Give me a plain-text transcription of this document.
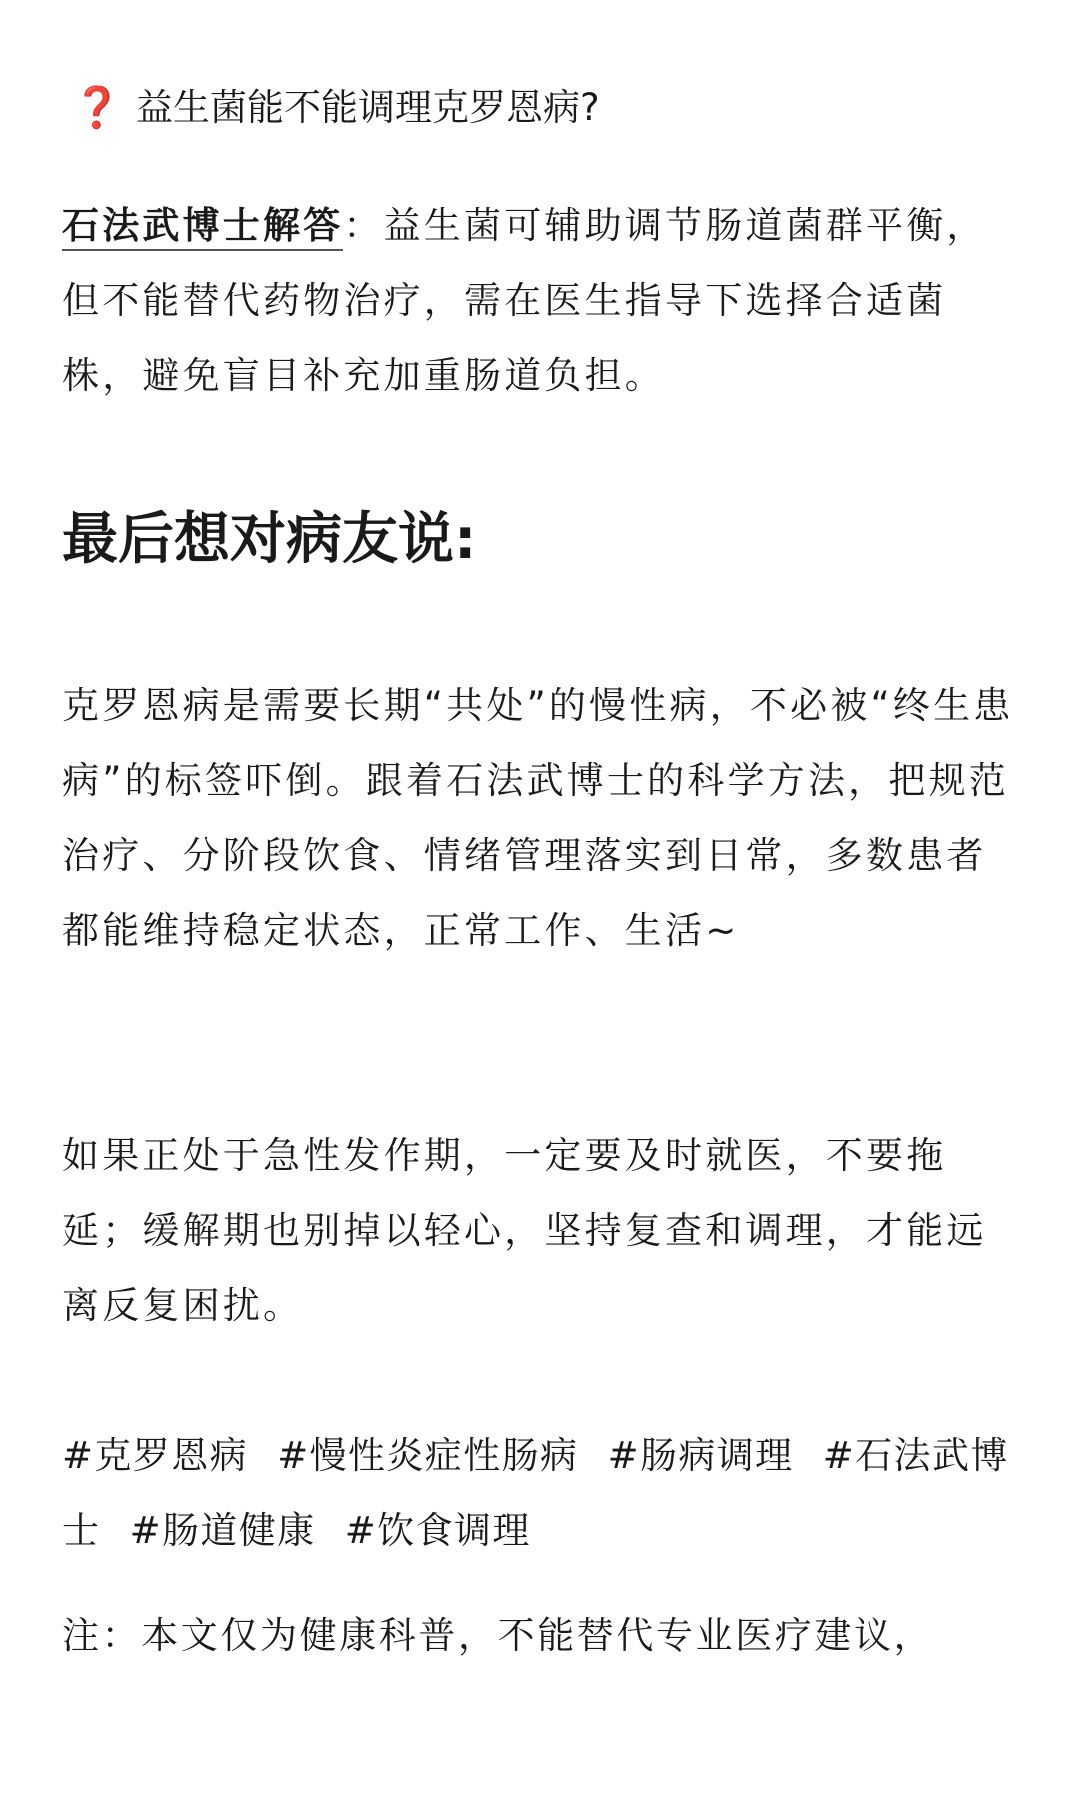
❓ 益生菌能不能调理克罗恩病?
石法武博士解答：益生菌可辅助调节肠道菌群平衡，但不能替代药物治疗，需在医生指导下选择合适菌株，避免盲目补充加重肠道负担。
最后想对病友说:
克罗恩病是需要长期“共处”的慢性病，不必被“终生患病”的标签吓倒。跟着石法武博士的科学方法，把规范治疗、分阶段饮食、情绪管理落实到日常，多数患者都能维持稳定状态，正常工作、生活~
如果正处于急性发作期，一定要及时就医，不要拖延；缓解期也别掉以轻心，坚持复查和调理，才能远离反复困扰。
#克罗恩病 #慢性炎症性肠病 #肠病调理 #石法武博士 #肠道健康 #饮食调理
注：本文仅为健康科普，不能替代专业医疗建议，
